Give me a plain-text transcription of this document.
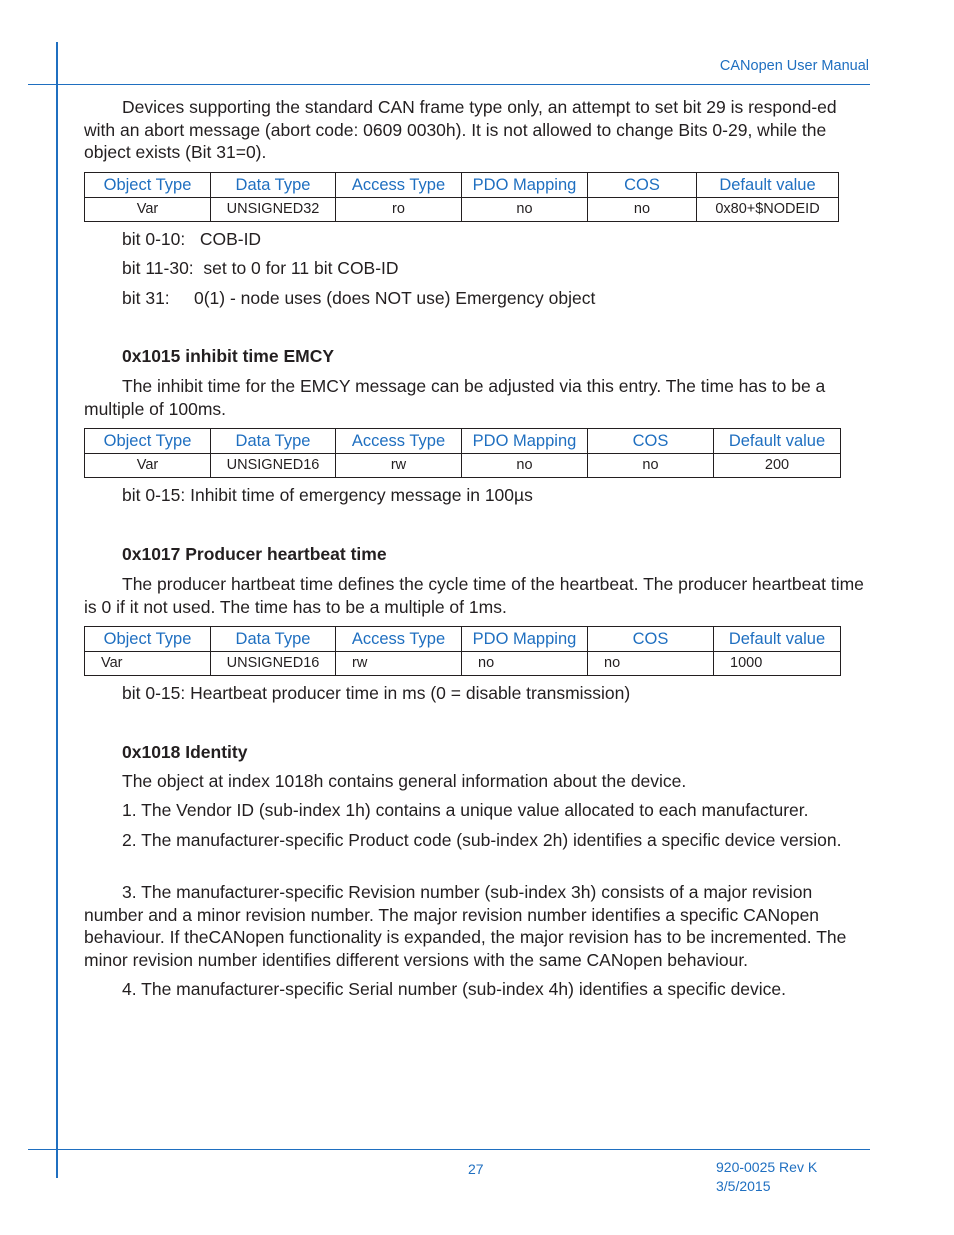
CANopen User Manual

Devices supporting the standard CAN frame type only, an attempt to set bit 29 is respond-ed with an abort message (abort code: 0609 0030h). It is not allowed to change Bits 0-29, while the object exists (Bit 31=0).

Object Type	Data Type	Access Type	PDO Mapping	COS	Default value
Var	UNSIGNED32	ro	no	no	0x80+$NODEID
bit 0-10:   COB-ID
bit 11-30:  set to 0 for 11 bit COB-ID
bit 31:     0(1) - node uses (does NOT use) Emergency object
0x1015 inhibit time EMCY

The inhibit time for the EMCY message can be adjusted via this entry. The time has to be a multiple of 100ms.

Object Type	Data Type	Access Type	PDO Mapping	COS	Default value
Var	UNSIGNED16	rw	no	no	200
bit 0-15: Inhibit time of emergency message in 100µs
0x1017 Producer heartbeat time

The producer hartbeat time defines the cycle time of the heartbeat. The producer heartbeat time is 0 if it not used. The time has to be a multiple of 1ms.

Object Type	Data Type	Access Type	PDO Mapping	COS	Default value
Var	UNSIGNED16	rw	no	no	1000
bit 0-15: Heartbeat producer time in ms (0 = disable transmission)
0x1018 Identity
The object at index 1018h contains general information about the device.

1. The Vendor ID (sub-index 1h) contains a unique value allocated to each manufacturer.

2. The manufacturer-specific Product code (sub-index 2h) identifies a specific device version.

3. The manufacturer-specific Revision number (sub-index 3h) consists of a major revision number and a minor revision number. The major revision number identifies a specific CANopen behaviour. If theCANopen functionality is expanded, the major revision has to be incremented. The minor revision number identifies different versions with the same CANopen behaviour.

4. The manufacturer-specific Serial number (sub-index 4h) identifies a specific device.

27	920-0025 Rev K
3/5/2015
